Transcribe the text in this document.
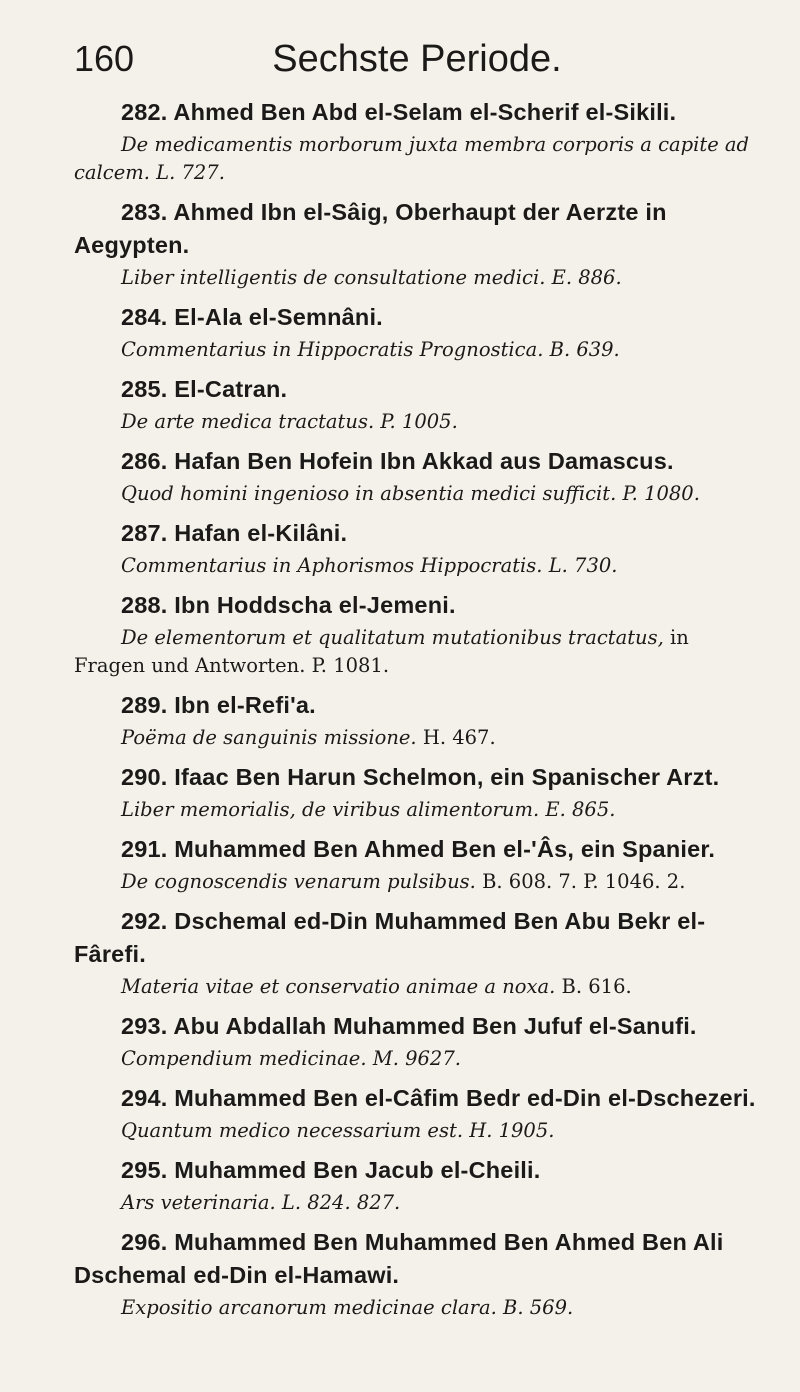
160	Sechste Periode.

282. Ahmed Ben Abd el-Selam el-Scherif el-Sikili.

De medicamentis morborum juxta membra corporis a capite ad calcem. L. 727.

283. Ahmed Ibn el-Sâig, Oberhaupt der Aerzte in Aegypten.

Liber intelligentis de consultatione medici. E. 886.

284. El-Ala el-Semnâni.

Commentarius in Hippocratis Prognostica. B. 639.

285. El-Catran.

De arte medica tractatus. P. 1005.

286. Hafan Ben Hofein Ibn Akkad aus Damascus.

Quod homini ingenioso in absentia medici sufficit. P. 1080.

287. Hafan el-Kilâni.

Commentarius in Aphorismos Hippocratis. L. 730.

288. Ibn Hoddscha el-Jemeni.

De elementorum et qualitatum mutationibus tractatus, in Fragen und Antworten. P. 1081.

289. Ibn el-Refi'a.

Poëma de sanguinis missione. H. 467.

290. Ifaac Ben Harun Schelmon, ein Spanischer Arzt.

Liber memorialis, de viribus alimentorum. E. 865.

291. Muhammed Ben Ahmed Ben el-'Âs, ein Spanier.

De cognoscendis venarum pulsibus. B. 608. 7. P. 1046. 2.

292. Dschemal ed-Din Muhammed Ben Abu Bekr el-Fârefi.

Materia vitae et conservatio animae a noxa. B. 616.

293. Abu Abdallah Muhammed Ben Jufuf el-Sanufi.

Compendium medicinae. M. 9627.

294. Muhammed Ben el-Câfim Bedr ed-Din el-Dschezeri.

Quantum medico necessarium est. H. 1905.

295. Muhammed Ben Jacub el-Cheili.

Ars veterinaria. L. 824. 827.

296. Muhammed Ben Muhammed Ben Ahmed Ben Ali Dschemal ed-Din el-Hamawi.

Expositio arcanorum medicinae clara. B. 569.
